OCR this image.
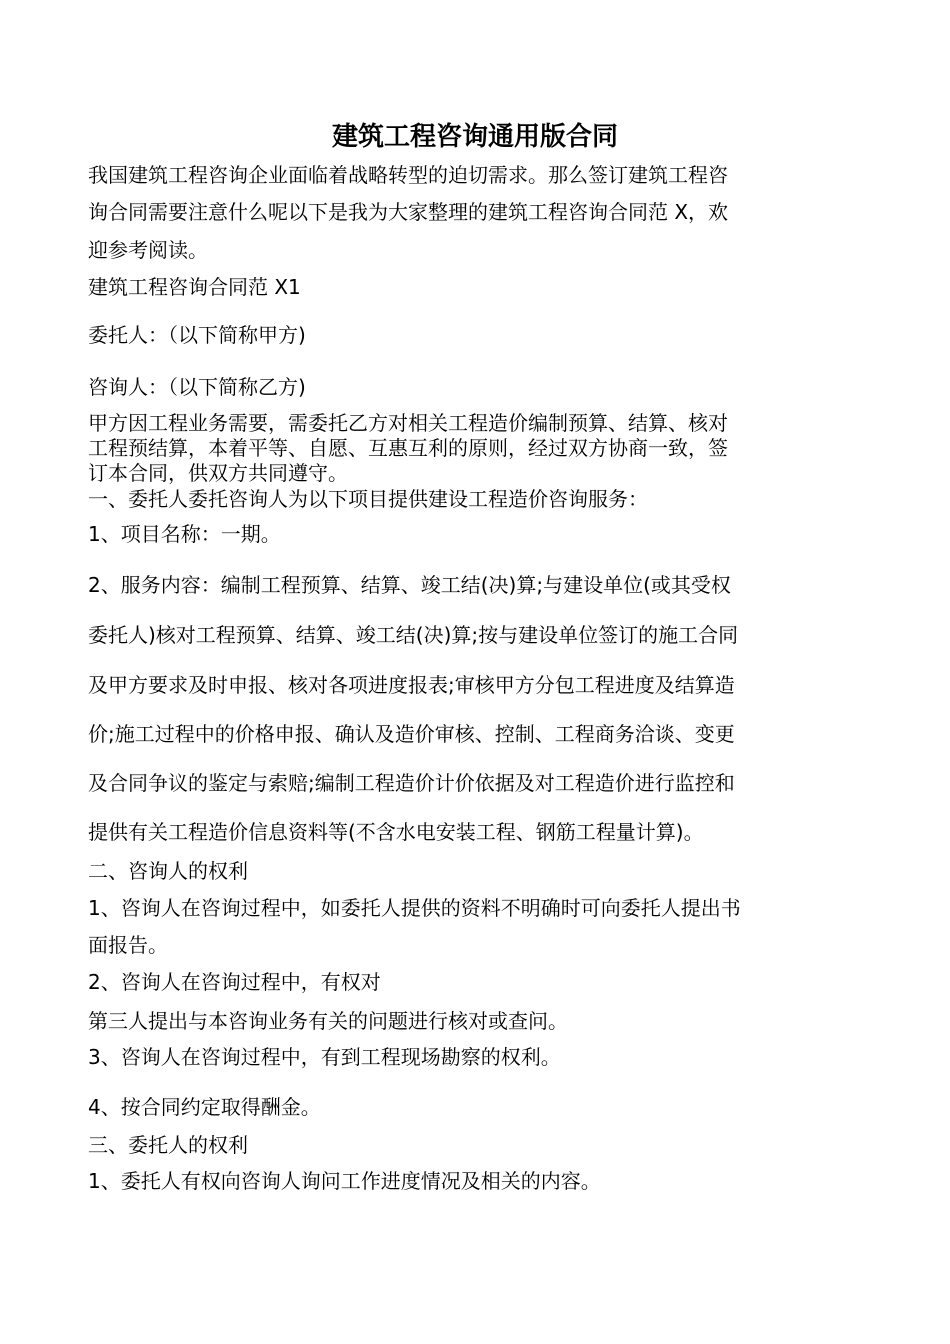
建筑工程咨询通用版合同

我国建筑工程咨询企业面临着战略转型的迫切需求。那么签订建筑工程咨

询合同需要注意什么呢以下是我为大家整理的建筑工程咨询合同范 X，欢

迎参考阅读。

建筑工程咨询合同范 X1

委托人：（以下简称甲方)

咨询人：（以下简称乙方)

甲方因工程业务需要，需委托乙方对相关工程造价编制预算、结算、核对

工程预结算，本着平等、自愿、互惠互利的原则，经过双方协商一致，签

订本合同，供双方共同遵守。

一、委托人委托咨询人为以下项目提供建设工程造价咨询服务：

1、项目名称：一期。

2、服务内容：编制工程预算、结算、竣工结(决)算;与建设单位(或其受权

委托人)核对工程预算、结算、竣工结(决)算;按与建设单位签订的施工合同

及甲方要求及时申报、核对各项进度报表;审核甲方分包工程进度及结算造

价;施工过程中的价格申报、确认及造价审核、控制、工程商务洽谈、变更

及合同争议的鉴定与索赔;编制工程造价计价依据及对工程造价进行监控和

提供有关工程造价信息资料等(不含水电安装工程、钢筋工程量计算)。

二、咨询人的权利

1、咨询人在咨询过程中，如委托人提供的资料不明确时可向委托人提出书

面报告。

2、咨询人在咨询过程中，有权对

第三人提出与本咨询业务有关的问题进行核对或查问。

3、咨询人在咨询过程中，有到工程现场勘察的权利。

4、按合同约定取得酬金。

三、委托人的权利

1、委托人有权向咨询人询问工作进度情况及相关的内容。
